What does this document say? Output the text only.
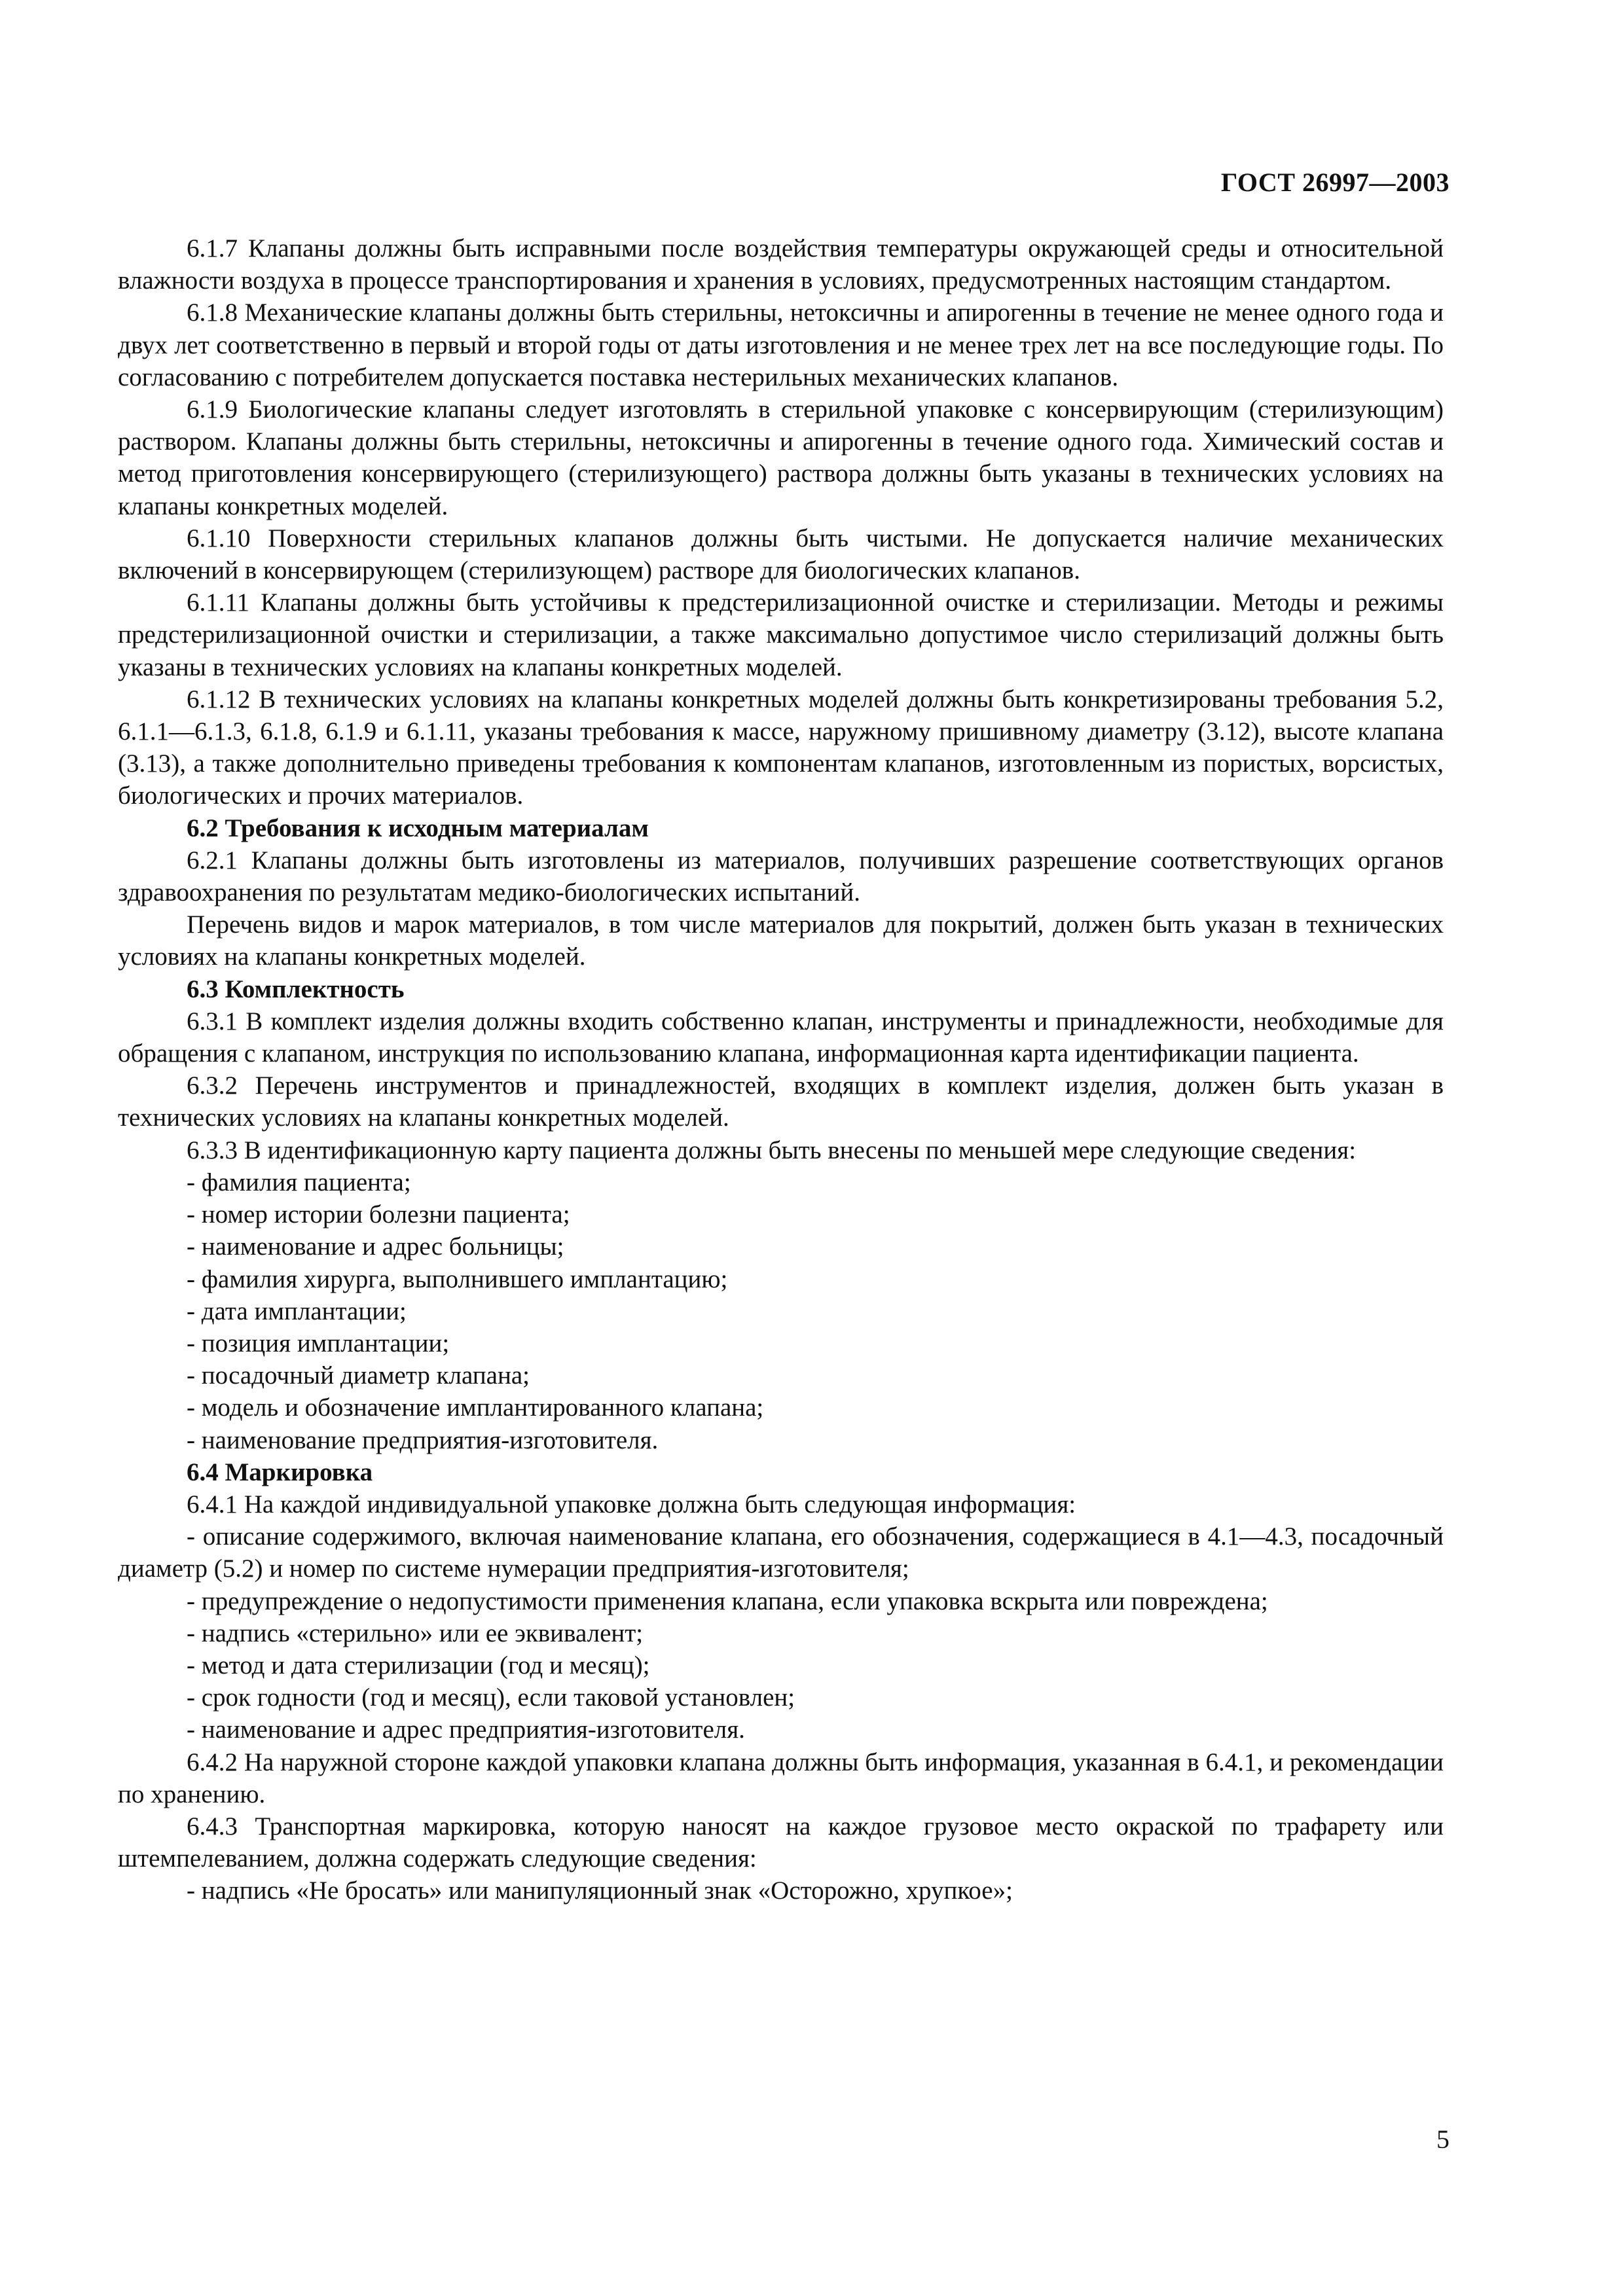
ГОСТ 26997—2003

6.1.7 Клапаны должны быть исправными после воздействия температуры окружающей среды и относительной влажности воздуха в процессе транспортирования и хранения в условиях, предусмотренных настоящим стандартом.

6.1.8 Механические клапаны должны быть стерильны, нетоксичны и апирогенны в течение не менее одного года и двух лет соответственно в первый и второй годы от даты изготовления и не менее трех лет на все последующие годы. По согласованию с потребителем допускается поставка нестерильных механических клапанов.

6.1.9 Биологические клапаны следует изготовлять в стерильной упаковке с консервирующим (стерилизующим) раствором. Клапаны должны быть стерильны, нетоксичны и апирогенны в течение одного года. Химический состав и метод приготовления консервирующего (стерилизующего) раствора должны быть указаны в технических условиях на клапаны конкретных моделей.

6.1.10 Поверхности стерильных клапанов должны быть чистыми. Не допускается наличие механических включений в консервирующем (стерилизующем) растворе для биологических клапанов.

6.1.11 Клапаны должны быть устойчивы к предстерилизационной очистке и стерилизации. Методы и режимы предстерилизационной очистки и стерилизации, а также максимально допустимое число стерилизаций должны быть указаны в технических условиях на клапаны конкретных моделей.

6.1.12 В технических условиях на клапаны конкретных моделей должны быть конкретизированы требования 5.2, 6.1.1—6.1.3, 6.1.8, 6.1.9 и 6.1.11, указаны требования к массе, наружному пришивному диаметру (3.12), высоте клапана (3.13), а также дополнительно приведены требования к компонентам клапанов, изготовленным из пористых, ворсистых, биологических и прочих материалов.

6.2 Требования к исходным материалам

6.2.1 Клапаны должны быть изготовлены из материалов, получивших разрешение соответствующих органов здравоохранения по результатам медико-биологических испытаний.

Перечень видов и марок материалов, в том числе материалов для покрытий, должен быть указан в технических условиях на клапаны конкретных моделей.

6.3 Комплектность

6.3.1 В комплект изделия должны входить собственно клапан, инструменты и принадлежности, необходимые для обращения с клапаном, инструкция по использованию клапана, информационная карта идентификации пациента.

6.3.2 Перечень инструментов и принадлежностей, входящих в комплект изделия, должен быть указан в технических условиях на клапаны конкретных моделей.

6.3.3 В идентификационную карту пациента должны быть внесены по меньшей мере следующие сведения:

- фамилия пациента;

- номер истории болезни пациента;

- наименование и адрес больницы;

- фамилия хирурга, выполнившего имплантацию;

- дата имплантации;

- позиция имплантации;

- посадочный диаметр клапана;

- модель и обозначение имплантированного клапана;

- наименование предприятия-изготовителя.

6.4 Маркировка

6.4.1 На каждой индивидуальной упаковке должна быть следующая информация:

- описание содержимого, включая наименование клапана, его обозначения, содержащиеся в 4.1—4.3, посадочный диаметр (5.2) и номер по системе нумерации предприятия-изготовителя;

- предупреждение о недопустимости применения клапана, если упаковка вскрыта или повреждена;

- надпись «стерильно» или ее эквивалент;

- метод и дата стерилизации (год и месяц);

- срок годности (год и месяц), если таковой установлен;

- наименование и адрес предприятия-изготовителя.

6.4.2 На наружной стороне каждой упаковки клапана должны быть информация, указанная в 6.4.1, и рекомендации по хранению.

6.4.3 Транспортная маркировка, которую наносят на каждое грузовое место окраской по трафарету или штемпелеванием, должна содержать следующие сведения:

- надпись «Не бросать» или манипуляционный знак «Осторожно, хрупкое»;

5
